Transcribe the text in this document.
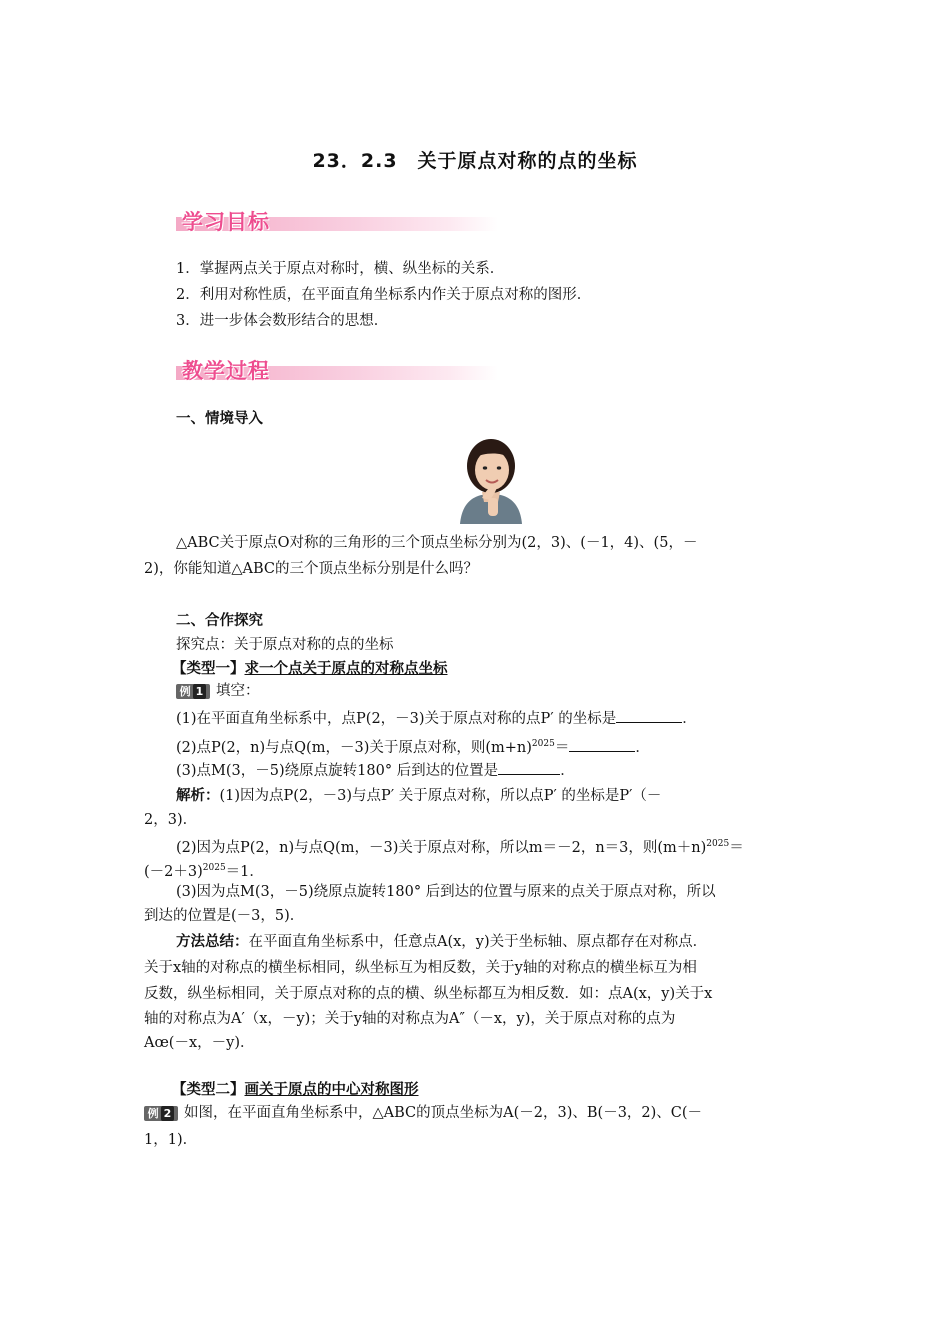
23．2.3　关于原点对称的点的坐标
学习目标
1．掌握两点关于原点对称时，横、纵坐标的关系．
2．利用对称性质，在平面直角坐标系内作关于原点对称的图形．
3．进一步体会数形结合的思想．
教学过程
一、情境导入
△ABC关于原点O对称的三角形的三个顶点坐标分别为(2，3)、(－1，4)、(5，－
2)，你能知道△ABC的三个顶点坐标分别是什么吗？
二、合作探究
探究点：关于原点对称的点的坐标
【类型一】求一个点关于原点的对称点坐标
例 1 填空：
(1)在平面直角坐标系中，点P(2，－3)关于原点对称的点P′ 的坐标是	．
(2)点P(2，n)与点Q(m，－3)关于原点对称，则$(m+n)^{2025}=$	．
(3)点M(3，－5)绕原点旋转180° 后到达的位置是	．
解析：(1)因为点P(2，－3)与点P′ 关于原点对称，所以点P′ 的坐标是P′（－
2，3)．
(2)因为点P(2，n)与点Q(m，－3)关于原点对称，所以m＝－2，n＝3，则$(m+n)^{2025}=$
$(-2+3)^{2025}=1$．
(3)因为点M(3，－5)绕原点旋转180° 后到达的位置与原来的点关于原点对称，所以
到达的位置是(－3，5)．
方法总结：在平面直角坐标系中，任意点A(x，y)关于坐标轴、原点都存在对称点．
关于x轴的对称点的横坐标相同，纵坐标互为相反数，关于y轴的对称点的横坐标互为相
反数，纵坐标相同，关于原点对称的点的横、纵坐标都互为相反数．如：点A(x，y)关于x
轴的对称点为A′（x，－y)；关于y轴的对称点为A″（－x，y)，关于原点对称的点为
Aœ(－x，－y)．
【类型二】画关于原点的中心对称图形
例 2 如图，在平面直角坐标系中，△ABC的顶点坐标为A(－2，3)、B(－3，2)、C(－
1，1)．
